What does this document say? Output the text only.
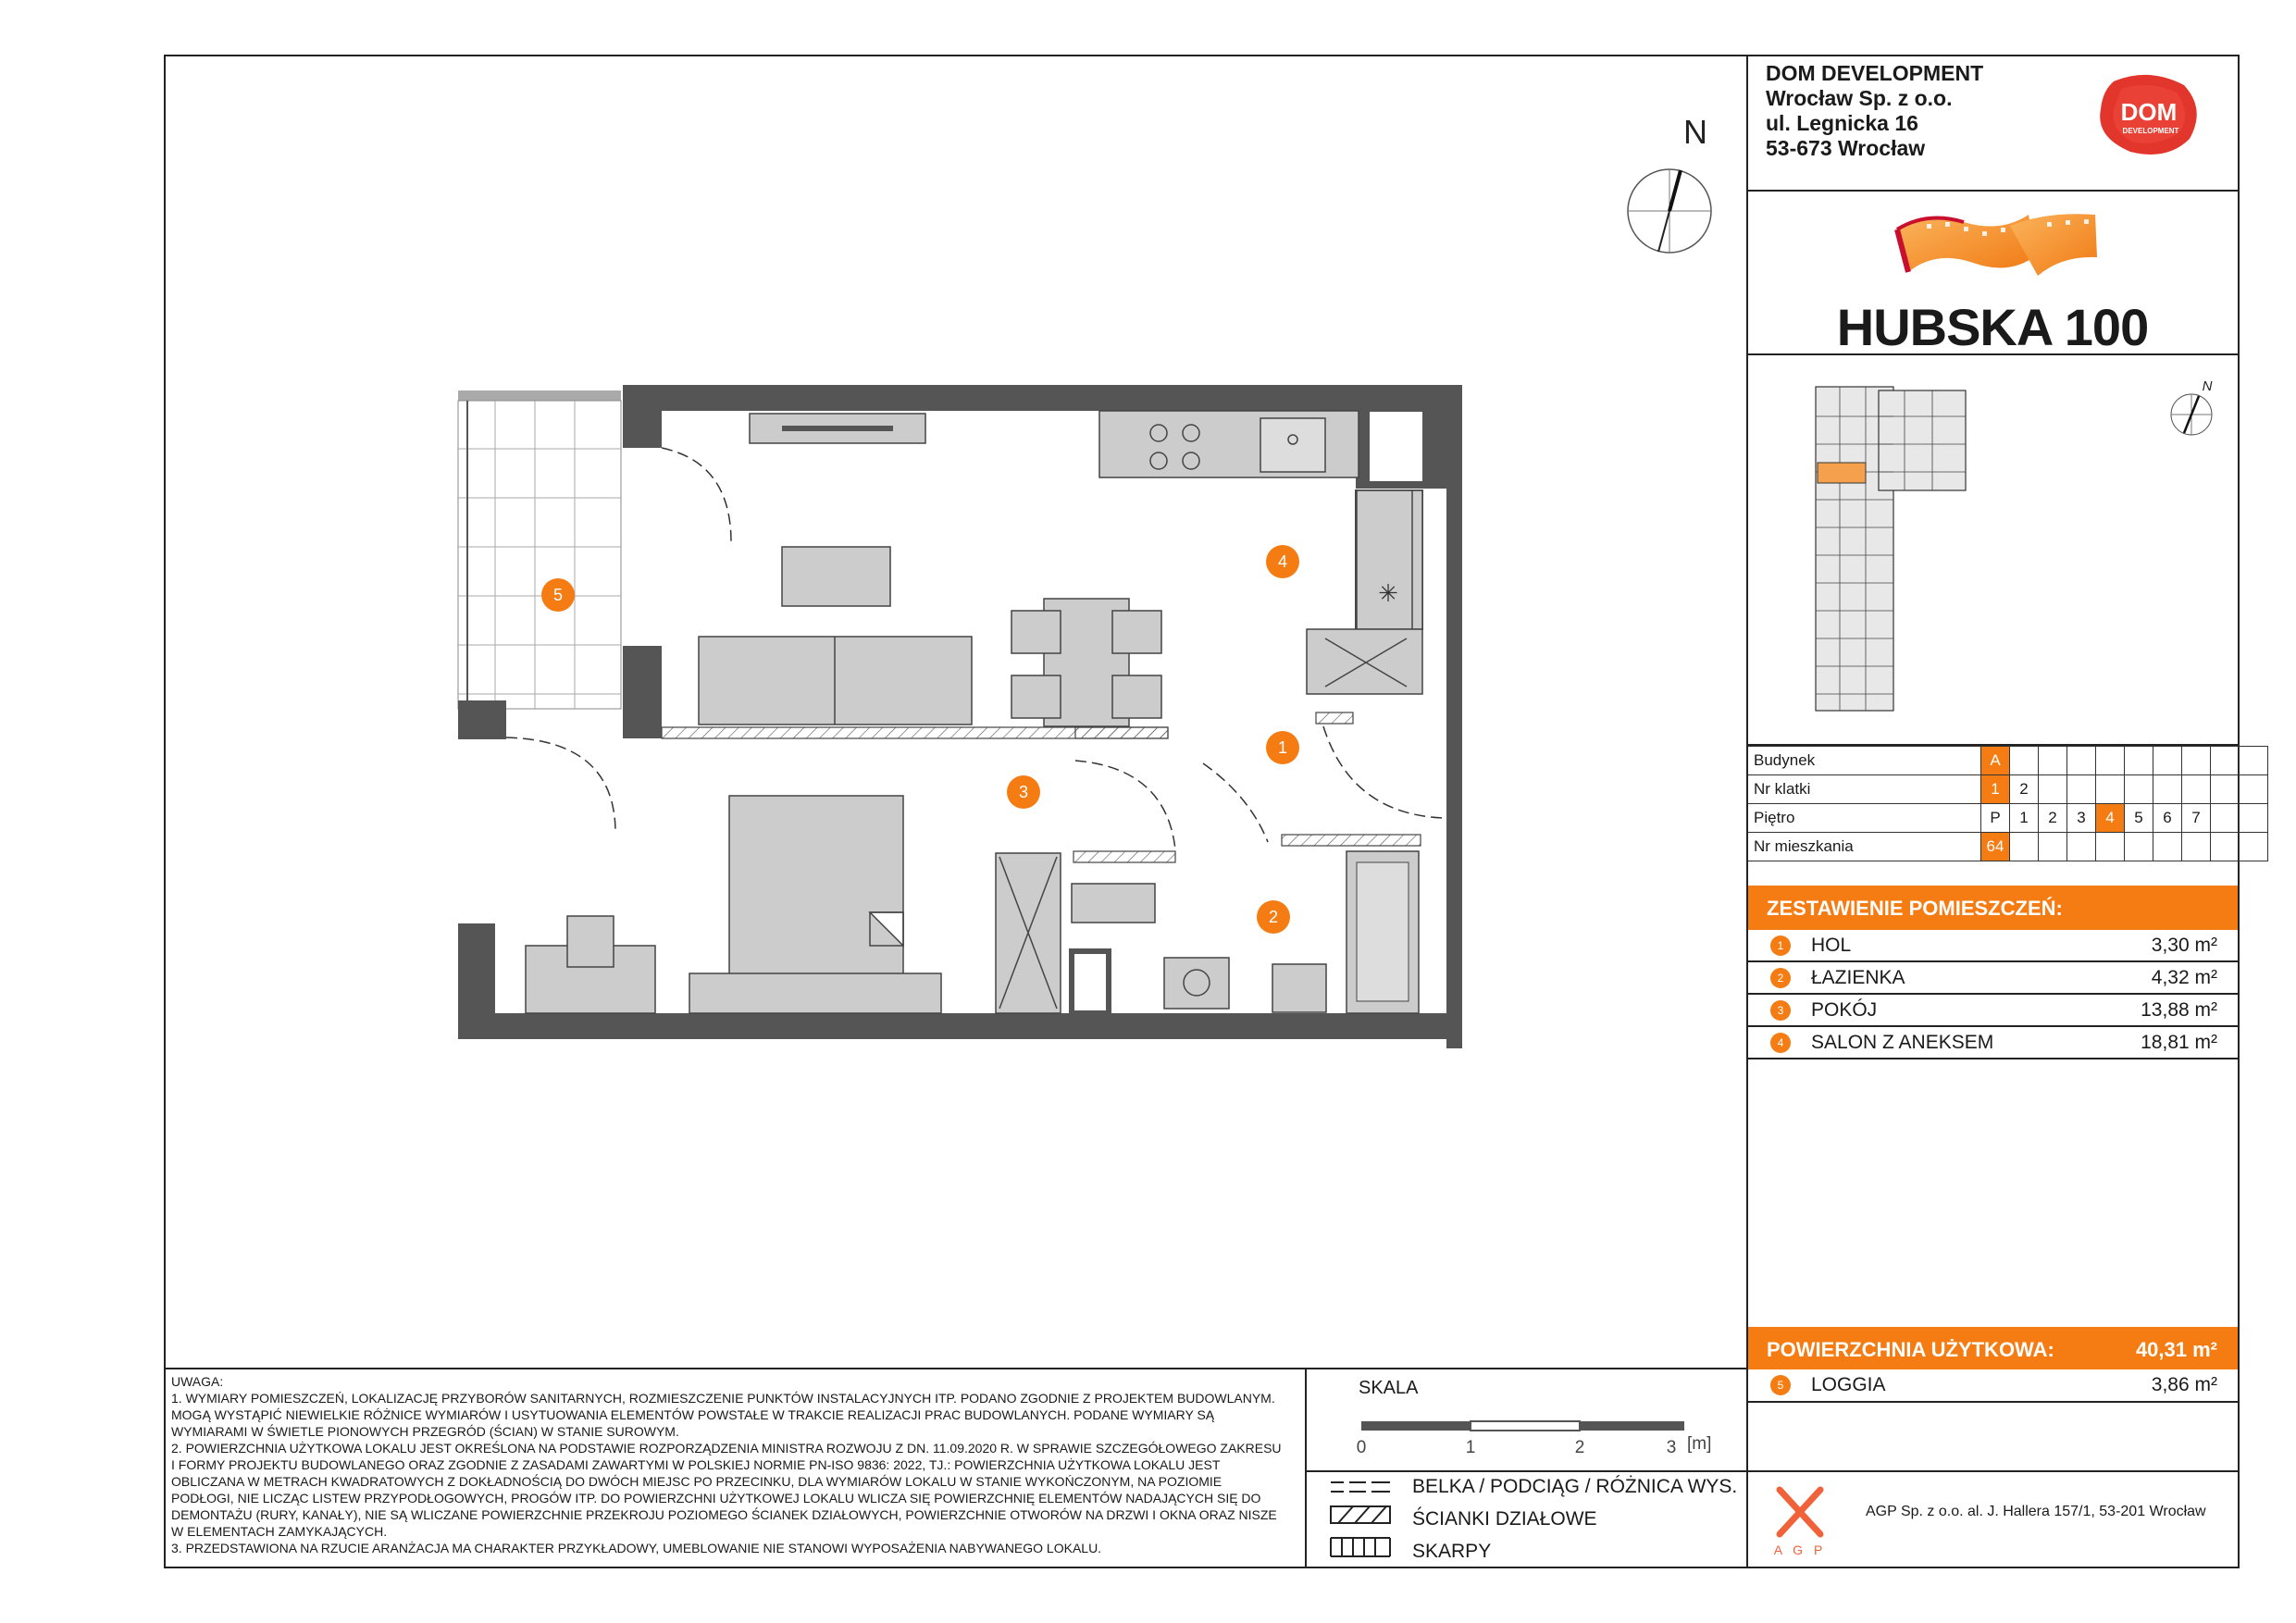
DOM DEVELOPMENT
Wrocław Sp. z o.o.
ul. Legnicka 16
53-673 Wrocław
DOM
DEVELOPMENT
HUBSKA 100
N
N
Budynek	A									
Nr klatki	1	2								
Piętro	P	1	2	3	4	5	6	7		
Nr mieszkania	64									
ZESTAWIENIE POMIESZCZEŃ:
1	HOL	3,30 m²
2	ŁAZIENKA	4,32 m²
3	POKÓJ	13,88 m²
4	SALON Z ANEKSEM	18,81 m²
POWIERZCHNIA UŻYTKOWA:	40,31 m²
5	LOGGIA	3,86 m²
UWAGA:
1. WYMIARY POMIESZCZEŃ, LOKALIZACJĘ PRZYBORÓW SANITARNYCH, ROZMIESZCZENIE PUNKTÓW INSTALACYJNYCH ITP. PODANO ZGODNIE Z PROJEKTEM BUDOWLANYM.
MOGĄ WYSTĄPIĆ NIEWIELKIE RÓŻNICE WYMIARÓW I USYTUOWANIA ELEMENTÓW POWSTAŁE W TRAKCIE REALIZACJI PRAC BUDOWLANYCH. PODANE WYMIARY SĄ
WYMIARAMI W ŚWIETLE PIONOWYCH PRZEGRÓD (ŚCIAN) W STANIE SUROWYM.
2. POWIERZCHNIA UŻYTKOWA LOKALU JEST OKREŚLONA NA PODSTAWIE ROZPORZĄDZENIA MINISTRA ROZWOJU Z DN. 11.09.2020 R. W SPRAWIE SZCZEGÓŁOWEGO ZAKRESU
I FORMY PROJEKTU BUDOWLANEGO ORAZ ZGODNIE Z ZASADAMI ZAWARTYMI W POLSKIEJ NORMIE PN-ISO 9836: 2022, TJ.: POWIERZCHNIA UŻYTKOWA LOKALU JEST
OBLICZANA W METRACH KWADRATOWYCH Z DOKŁADNOŚCIĄ DO DWÓCH MIEJSC PO PRZECINKU, DLA WYMIARÓW LOKALU W STANIE WYKOŃCZONYM, NA POZIOMIE
PODŁOGI, NIE LICZĄC LISTEW PRZYPODŁOGOWYCH, PROGÓW ITP. DO POWIERZCHNI UŻYTKOWEJ LOKALU WLICZA SIĘ POWIERZCHNIĘ ELEMENTÓW NADAJĄCYCH SIĘ DO
DEMONTAŻU (RURY, KANAŁY), NIE SĄ WLICZANE POWIERZCHNIE PRZEKROJU POZIOMEGO ŚCIANEK DZIAŁOWYCH, POWIERZCHNIE OTWORÓW NA DRZWI I OKNA ORAZ NISZE
W ELEMENTACH ZAMYKAJĄCYCH.
3. PRZEDSTAWIONA NA RZUCIE ARANŻACJA MA CHARAKTER PRZYKŁADOWY, UMEBLOWANIE NIE STANOWI WYPOSAŻENIA NABYWANEGO LOKALU.
SKALA
0	1	2	3 [m]
BELKA / PODCIĄG / RÓŻNICA WYS.
ŚCIANKI DZIAŁOWE
SKARPY	A G P
AGP Sp. z o.o. al. J. Hallera 157/1, 53-201 Wrocław
✳
4
5
1
3
2
